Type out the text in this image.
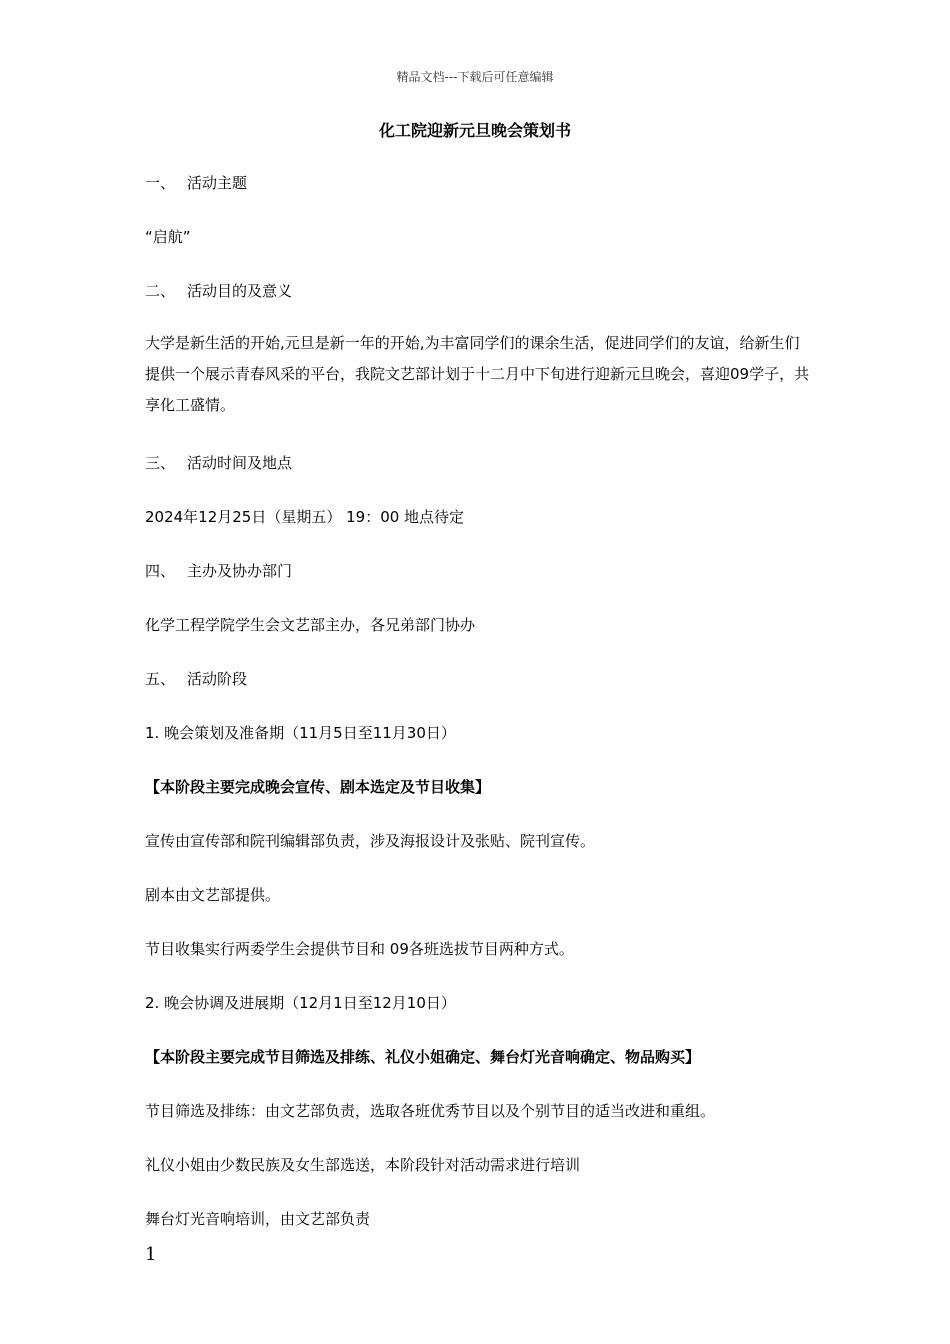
精品文档---下载后可任意编辑
化工院迎新元旦晚会策划书
一、 活动主题
“启航”
二、 活动目的及意义
大学是新生活的开始,元旦是新一年的开始,为丰富同学们的课余生活，促进同学们的友谊，给新生们提供一个展示青春风采的平台，我院文艺部计划于十二月中下旬进行迎新元旦晚会，喜迎09学子，共享化工盛情。
三、 活动时间及地点
2024年12月25日（星期五） 19：00 地点待定
四、 主办及协办部门
化学工程学院学生会文艺部主办，各兄弟部门协办
五、 活动阶段
1. 晚会策划及准备期（11月5日至11月30日）
【本阶段主要完成晚会宣传、剧本选定及节目收集】
宣传由宣传部和院刊编辑部负责，涉及海报设计及张贴、院刊宣传。
剧本由文艺部提供。
节目收集实行两委学生会提供节目和 09各班选拔节目两种方式。
2. 晚会协调及进展期（12月1日至12月10日）
【本阶段主要完成节目筛选及排练、礼仪小姐确定、舞台灯光音响确定、物品购买】
节目筛选及排练：由文艺部负责，选取各班优秀节目以及个别节目的适当改进和重组。
礼仪小姐由少数民族及女生部选送，本阶段针对活动需求进行培训
舞台灯光音响培训，由文艺部负责
1
